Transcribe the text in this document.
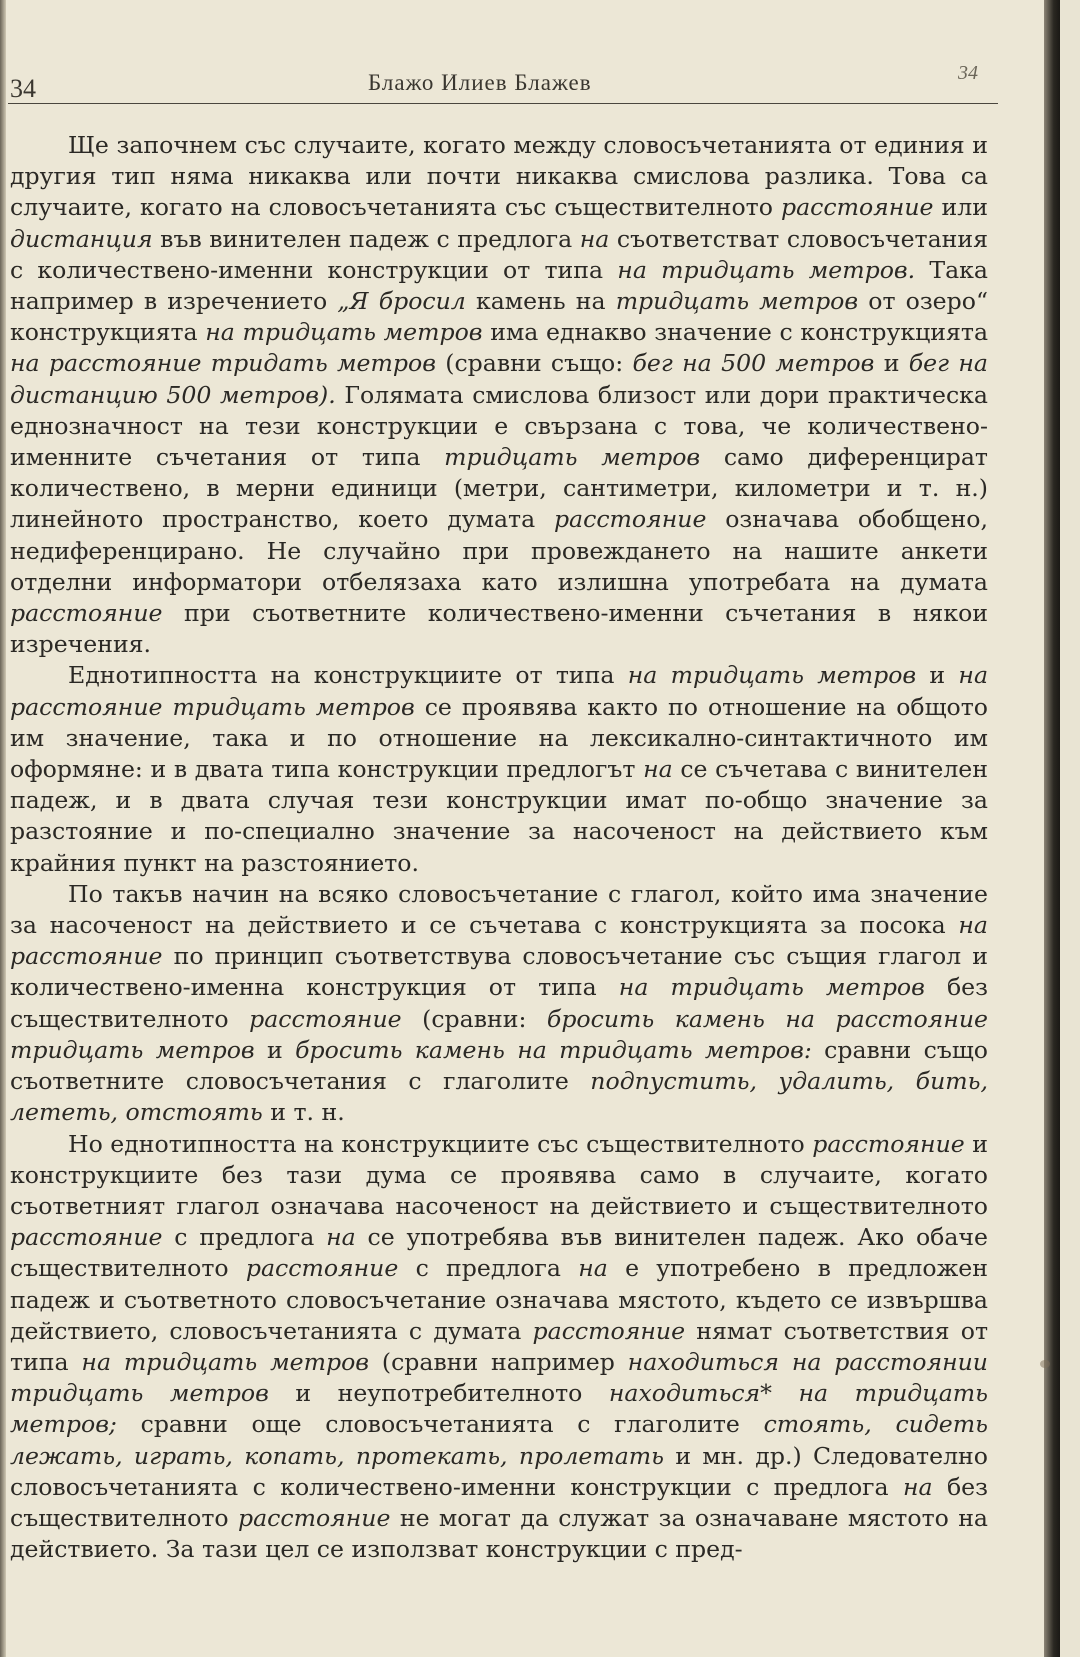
34	Блажо Илиев Блажев	34

Ще започнем със случаите, когато между словосъчетанията от единия и другия тип няма никаква или почти никаква смислова разлика. Това са случаите, когато на словосъчетанията със съществителното расстояние или дистанция във винителен падеж с предлога на съответстват словосъчетания с количествено-именни конструкции от типа на тридцать метров. Така например в изречението „Я бросил камень на тридцать метров от озеро“ конструкцията на тридцать метров има еднакво значение с конструкцията на расстояние тридать метров (сравни също: бег на 500 метров и бег на дистанцию 500 метров). Голямата смислова близост или дори практическа еднозначност на тези конструкции е свързана с това, че количествено-именните съчетания от типа тридцать метров само диференцират количествено, в мерни единици (метри, сантиметри, километри и т. н.) линейното пространство, което думата расстояние означава обобщено, недиференцирано. Не случайно при провеждането на нашите анкети отделни информатори отбелязаха като излишна употребата на думата расстояние при съответните количествено-именни съчетания в някои изречения.

Еднотипността на конструкциите от типа на тридцать метров и на расстояние тридцать метров се проявява както по отношение на общото им значение, така и по отношение на лексикално-синтактичното им оформяне: и в двата типа конструкции предлогът на се съчетава с винителен падеж, и в двата случая тези конструкции имат по-общо значение за разстояние и по-специално значение за насоченост на действието към крайния пункт на разстоянието.

По такъв начин на всяко словосъчетание с глагол, който има значение за насоченост на действието и се съчетава с конструкцията за посока на расстояние по принцип съответствува словосъчетание със същия глагол и количествено-именна конструкция от типа на тридцать метров без съществителното расстояние (сравни: бросить камень на расстояние тридцать метров и бросить камень на тридцать метров: сравни също съответните словосъчетания с глаголите подпустить, удалить, бить, лететь, отстоять и т. н.

Но еднотипността на конструкциите със съществителното расстояние и конструкциите без тази дума се проявява само в случаите, когато съответният глагол означава насоченост на действието и съществителното расстояние с предлога на се употребява във винителен падеж. Ако обаче съществителното расстояние с предлога на е употребено в предложен падеж и съответното словосъчетание означава мястото, където се извършва действието, словосъчетанията с думата расстояние нямат съответствия от типа на тридцать метров (сравни например находиться на расстоянии тридцать метров и неупотребителното находиться* на тридцать метров; сравни още словосъчетанията с глаголите стоять, сидеть лежать, играть, копать, протекать, пролетать и мн. др.) Следователно словосъчетанията с количествено-именни конструкции с предлога на без съществителното расстояние не могат да служат за означаване мястото на действието. За тази цел се използват конструкции с пред-
